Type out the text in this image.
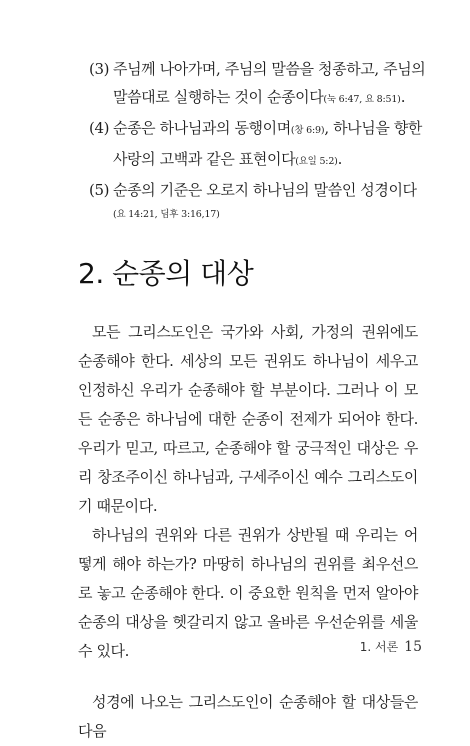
(3) 주님께 나아가며, 주님의 말씀을 청종하고, 주님의 말씀대로 실행하는 것이 순종이다(눅 6:47, 요 8:51).
(4) 순종은 하나님과의 동행이며(창 6:9), 하나님을 향한 사랑의 고백과 같은 표현이다(요일 5:2).
(5) 순종의 기준은 오로지 하나님의 말씀인 성경이다
(요 14:21, 딤후 3:16,17)
2. 순종의 대상

모든 그리스도인은 국가와 사회, 가정의 권위에도 순종해야 한다. 세상의 모든 권위도 하나님이 세우고 인정하신 우리가 순종해야 할 부분이다. 그러나 이 모든 순종은 하나님에 대한 순종이 전제가 되어야 한다. 우리가 믿고, 따르고, 순종해야 할 궁극적인 대상은 우리 창조주이신 하나님과, 구세주이신 예수 그리스도이기 때문이다.

하나님의 권위와 다른 권위가 상반될 때 우리는 어떻게 해야 하는가? 마땅히 하나님의 권위를 최우선으로 놓고 순종해야 한다. 이 중요한 원칙을 먼저 알아야 순종의 대상을 헷갈리지 않고 올바른 우선순위를 세울 수 있다.

성경에 나오는 그리스도인이 순종해야 할 대상들은 다음

1. 서론 15
